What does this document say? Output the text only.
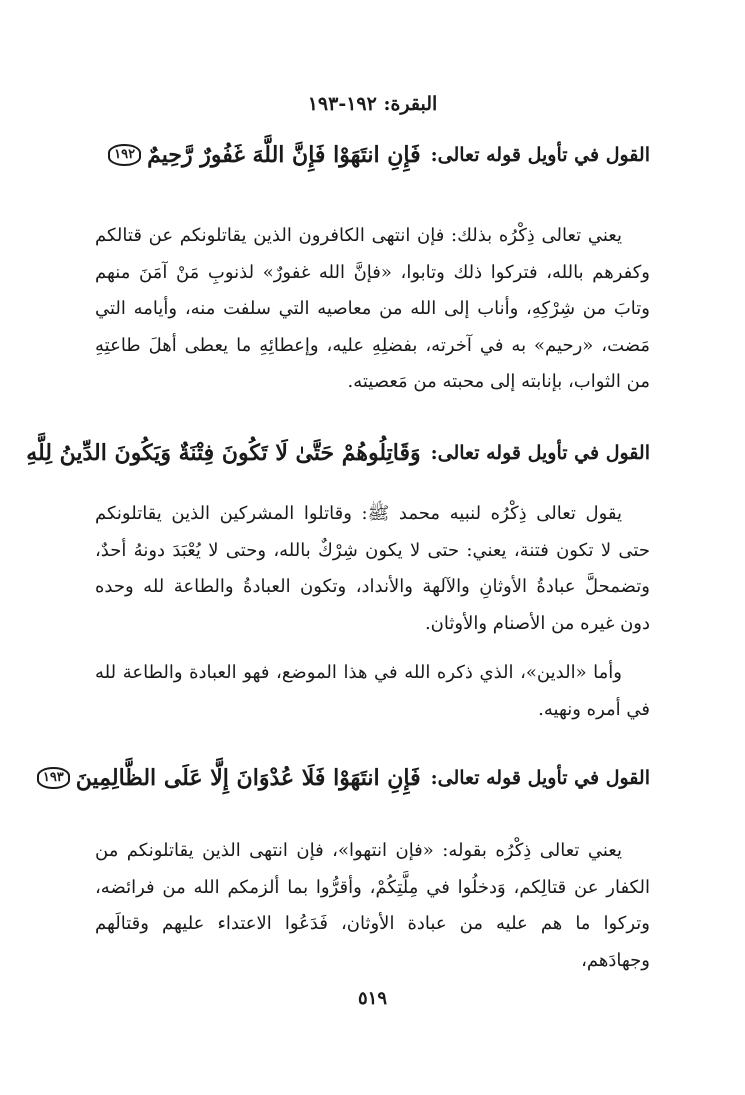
البقرة: ١٩٢-١٩٣
القول في تأويل قوله تعالى:
فَإِنِ انتَهَوْا فَإِنَّ اللَّهَ غَفُورٌ رَّحِيمٌ
١٩٢

يعني تعالى ذِكْرُه بذلك: فإن انتهى الكافرون الذين يقاتلونكم عن قتالكم وكفرهم بالله، فتركوا ذلك وتابوا، «فإنَّ الله غفورٌ» لذنوبِ مَنْ آمَنَ منهم وتابَ من شِرْكِهِ، وأناب إلى الله من معاصيه التي سلفت منه، وأيامه التي مَضت، «رحيم» به في آخرته، بفضلِهِ عليه، وإعطائِهِ ما يعطى أهلَ طاعتِهِ من الثواب، بإنابته إلى محبته من مَعصيته.

القول في تأويل قوله تعالى:
وَقَاتِلُوهُمْ حَتَّىٰ لَا تَكُونَ فِتْنَةٌ وَيَكُونَ الدِّينُ لِلَّهِ

يقول تعالى ذِكْرُه لنبيه محمد ﷺ: وقاتلوا المشركين الذين يقاتلونكم حتى لا تكون فتنة، يعني: حتى لا يكون شِرْكٌ بالله، وحتى لا يُعْبَدَ دونهُ أحدٌ، وتضمحلَّ عبادةُ الأوثانِ والآلهة والأنداد، وتكون العبادةُ والطاعة لله وحده دون غيره من الأصنام والأوثان.

وأما «الدين»، الذي ذكره الله في هذا الموضع، فهو العبادة والطاعة لله في أمره ونهيه.

القول في تأويل قوله تعالى:
فَإِنِ انتَهَوْا فَلَا عُدْوَانَ إِلَّا عَلَى الظَّالِمِينَ
١٩٣

يعني تعالى ذِكْرُه بقوله: «فإن انتهوا»، فإن انتهى الذين يقاتلونكم من الكفار عن قتالِكم، وَدخلُوا في مِلَّتِكُمْ، وأقرُّوا بما ألزمكم الله من فرائضه، وتركوا ما هم عليه من عبادة الأوثان، فَدَعُوا الاعتداء عليهم وقتالَهم وجهادَهم،

٥١٩
